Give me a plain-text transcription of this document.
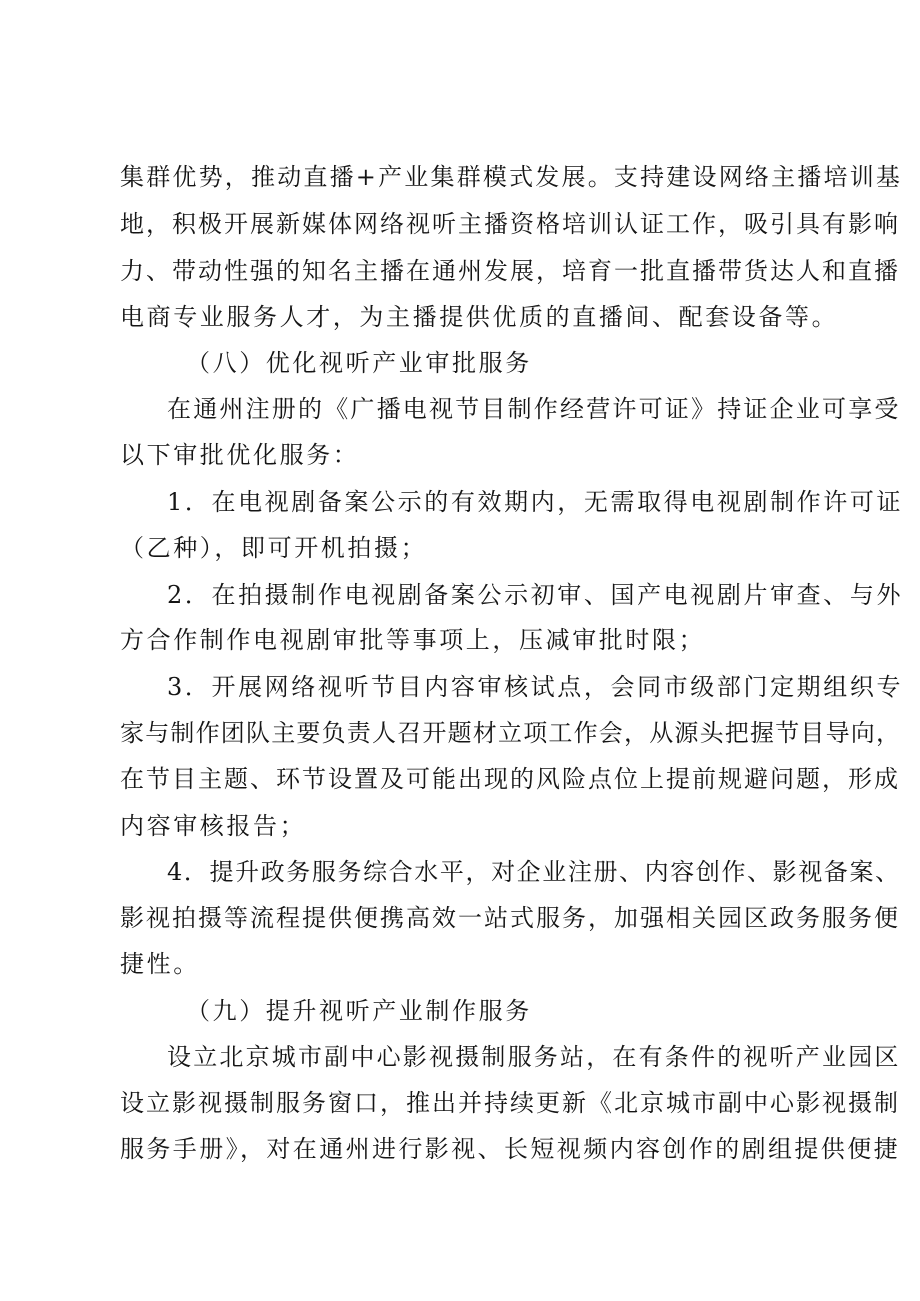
集群优势，推动直播+产业集群模式发展。支持建设网络主播培训基
地，积极开展新媒体网络视听主播资格培训认证工作，吸引具有影响
力、带动性强的知名主播在通州发展，培育一批直播带货达人和直播
电商专业服务人才，为主播提供优质的直播间、配套设备等。
（八）优化视听产业审批服务
在通州注册的《广播电视节目制作经营许可证》持证企业可享受
以下审批优化服务：
1．在电视剧备案公示的有效期内，无需取得电视剧制作许可证
（乙种），即可开机拍摄；
2．在拍摄制作电视剧备案公示初审、国产电视剧片审查、与外
方合作制作电视剧审批等事项上，压减审批时限；
3．开展网络视听节目内容审核试点，会同市级部门定期组织专
家与制作团队主要负责人召开题材立项工作会，从源头把握节目导向，
在节目主题、环节设置及可能出现的风险点位上提前规避问题，形成
内容审核报告；
4．提升政务服务综合水平，对企业注册、内容创作、影视备案、
影视拍摄等流程提供便携高效一站式服务，加强相关园区政务服务便
捷性。
（九）提升视听产业制作服务
设立北京城市副中心影视摄制服务站，在有条件的视听产业园区
设立影视摄制服务窗口，推出并持续更新《北京城市副中心影视摄制
服务手册》，对在通州进行影视、长短视频内容创作的剧组提供便捷
